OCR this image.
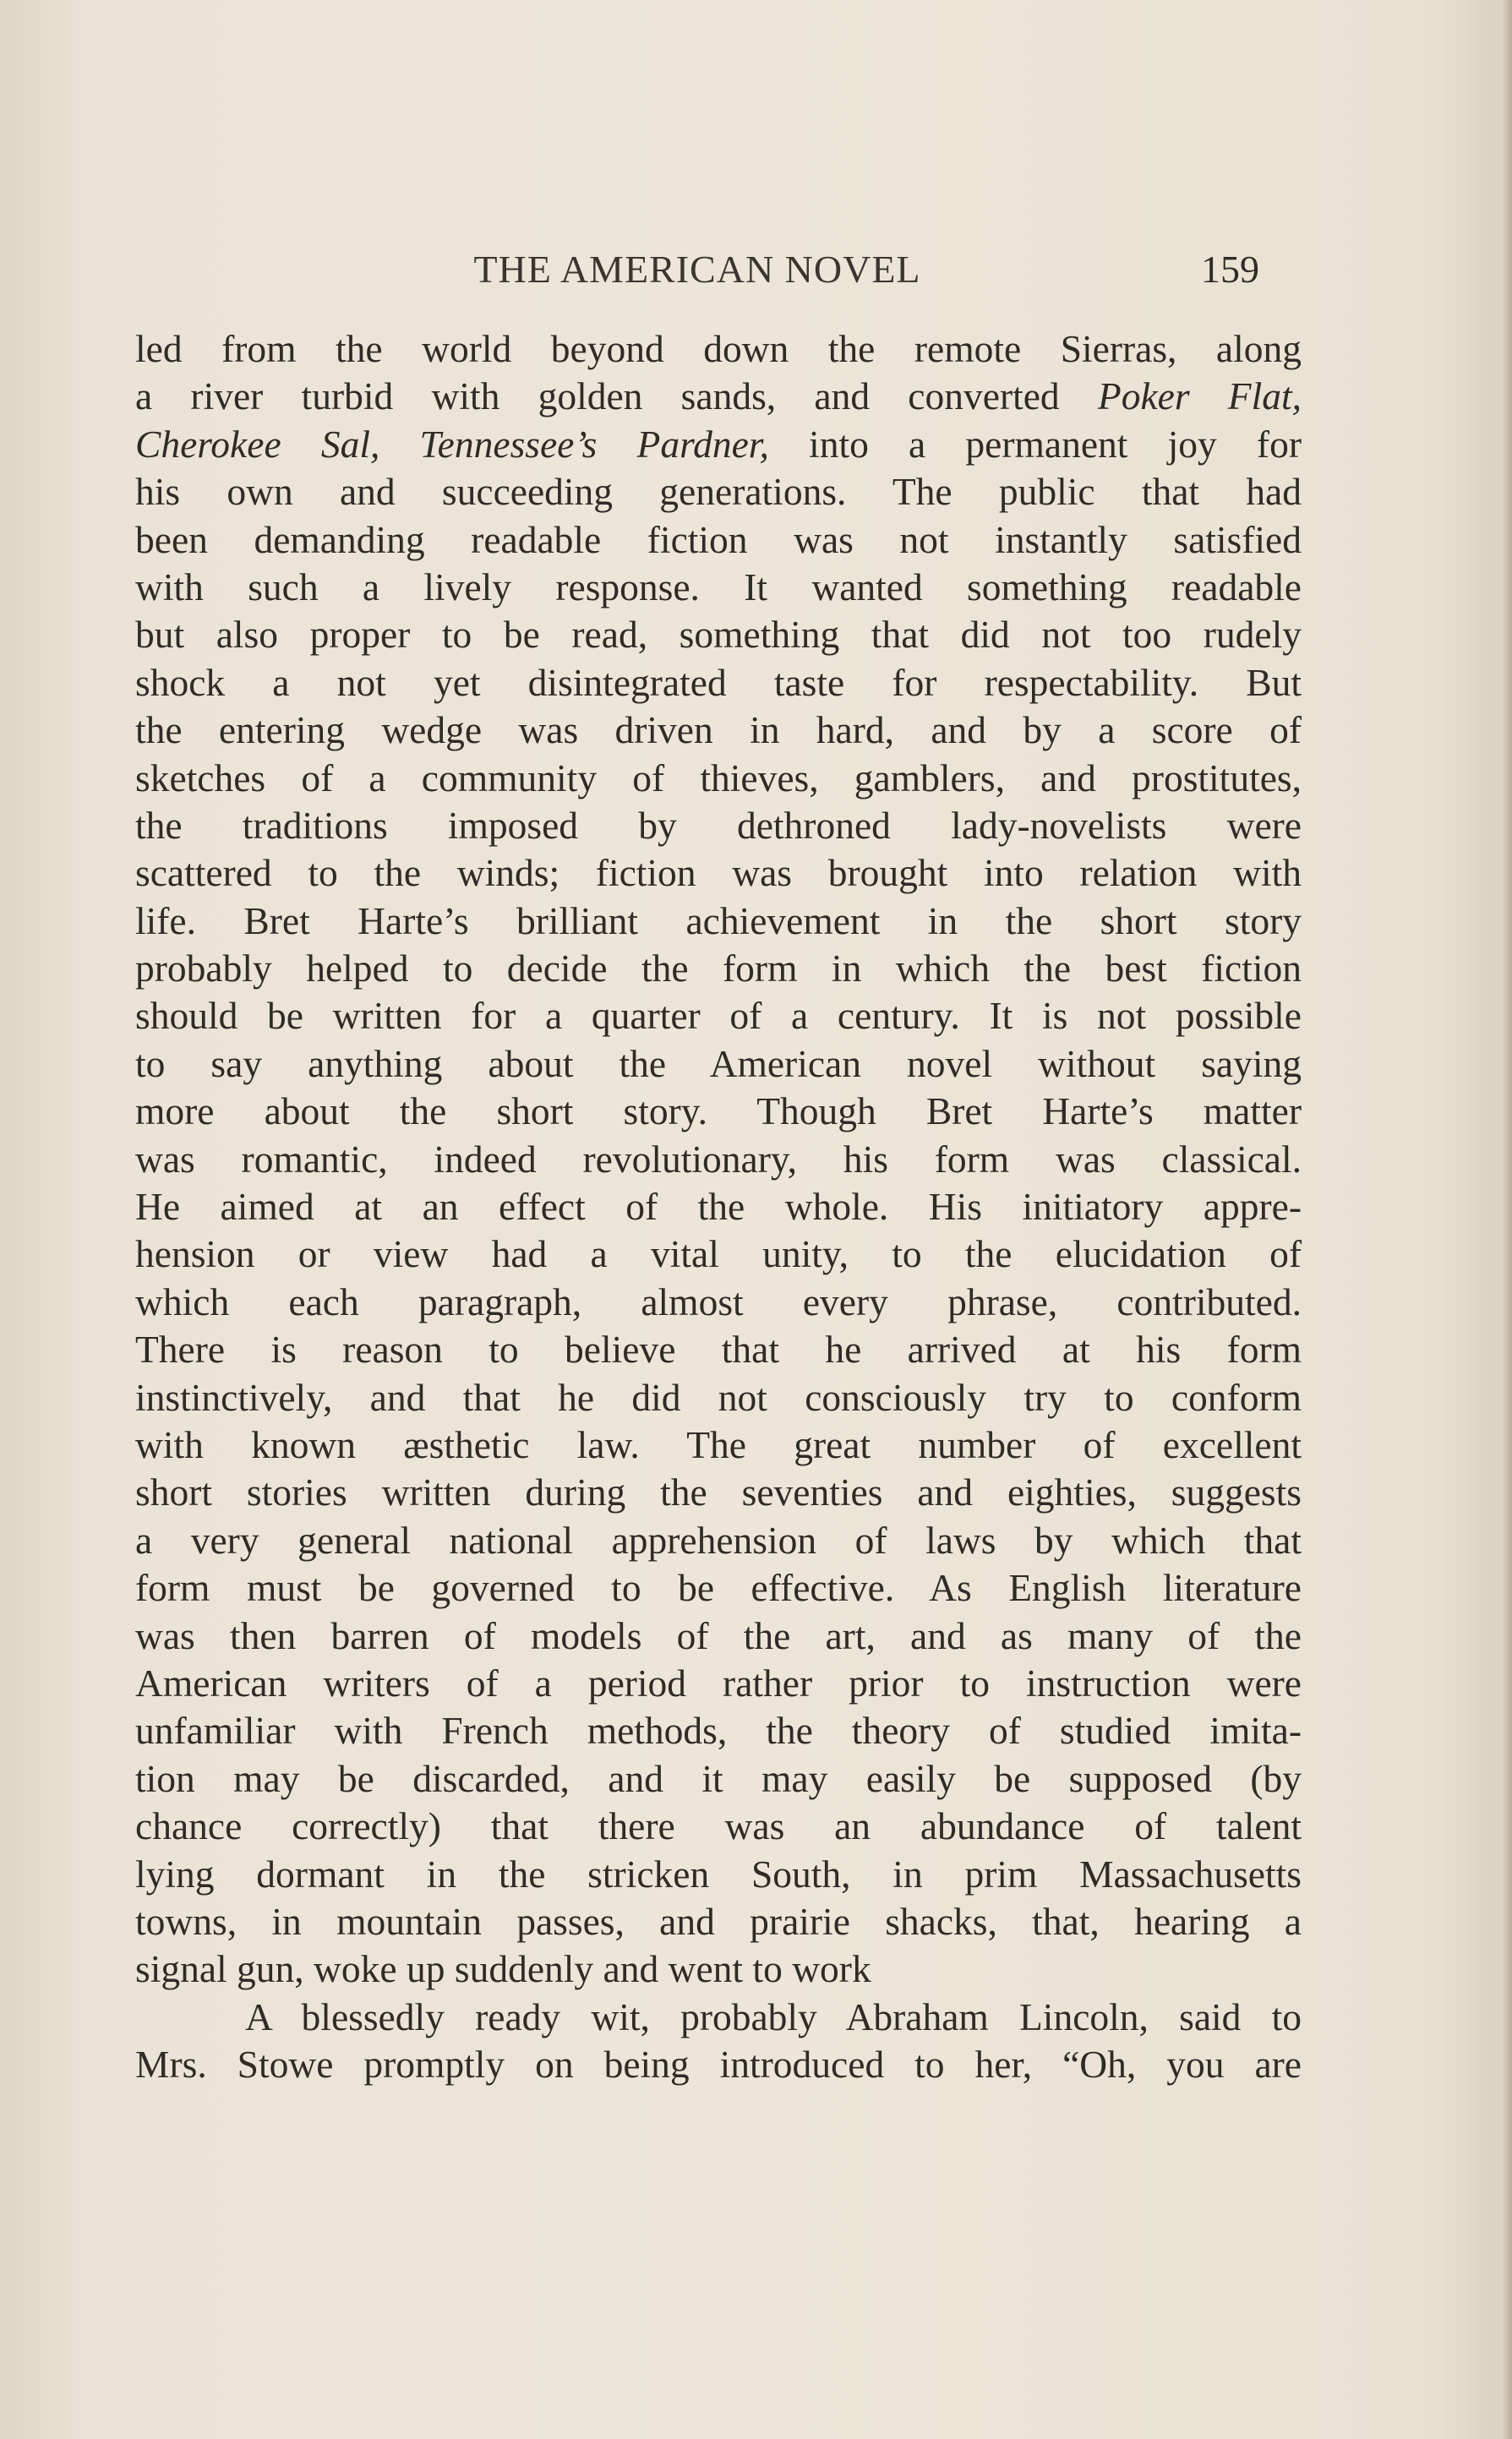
THE AMERICAN NOVEL	159
led from the world beyond down the remote Sierras, along
a river turbid with golden sands, and converted Poker Flat,
Cherokee Sal, Tennessee’s Pardner, into a permanent joy for
his own and succeeding generations. The public that had
been demanding readable fiction was not instantly satisfied
with such a lively response. It wanted something readable
but also proper to be read, something that did not too rudely
shock a not yet disintegrated taste for respectability. But
the entering wedge was driven in hard, and by a score of
sketches of a community of thieves, gamblers, and prostitutes,
the traditions imposed by dethroned lady-novelists were
scattered to the winds; fiction was brought into relation with
life. Bret Harte’s brilliant achievement in the short story
probably helped to decide the form in which the best fiction
should be written for a quarter of a century. It is not possible
to say anything about the American novel without saying
more about the short story. Though Bret Harte’s matter
was romantic, indeed revolutionary, his form was classical.
He aimed at an effect of the whole. His initiatory appre-
hension or view had a vital unity, to the elucidation of
which each paragraph, almost every phrase, contributed.
There is reason to believe that he arrived at his form
instinctively, and that he did not consciously try to conform
with known æsthetic law. The great number of excellent
short stories written during the seventies and eighties, suggests
a very general national apprehension of laws by which that
form must be governed to be effective. As English literature
was then barren of models of the art, and as many of the
American writers of a period rather prior to instruction were
unfamiliar with French methods, the theory of studied imita-
tion may be discarded, and it may easily be supposed (by
chance correctly) that there was an abundance of talent
lying dormant in the stricken South, in prim Massachusetts
towns, in mountain passes, and prairie shacks, that, hearing a
signal gun, woke up suddenly and went to work
A blessedly ready wit, probably Abraham Lincoln, said to
Mrs. Stowe promptly on being introduced to her, “Oh, you are
